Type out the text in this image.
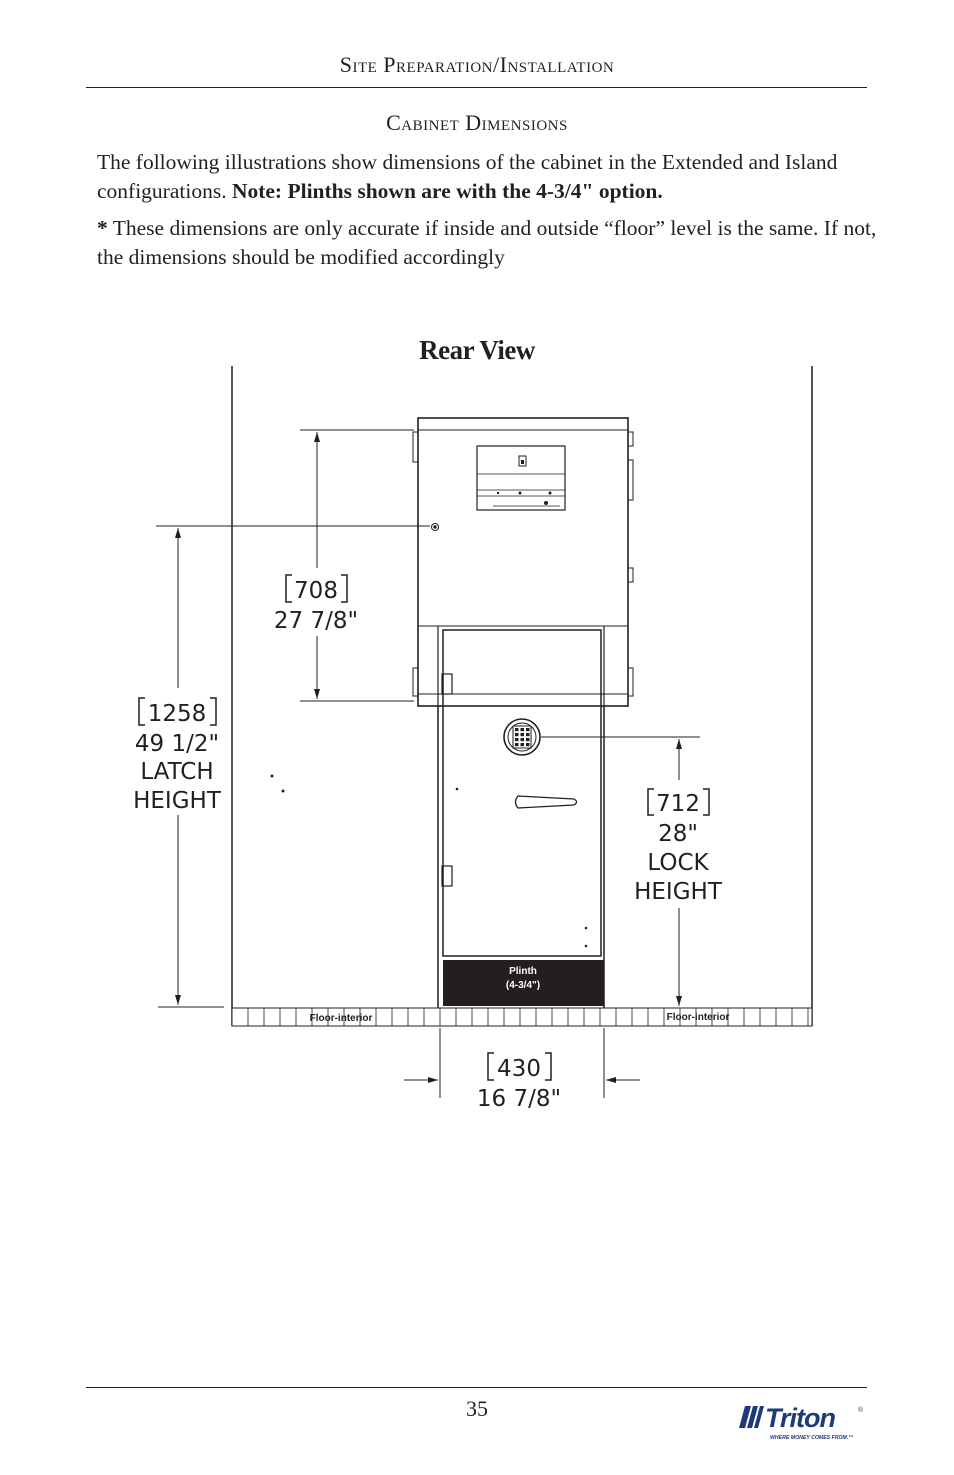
Site Preparation/Installation
Cabinet Dimensions

The following illustrations show dimensions of the cabinet in the Extended and Island configurations. Note: Plinths shown are with the 4-3/4" option.

* These dimensions are only accurate if inside and outside “floor” level is the same. If not, the dimensions should be modified accordingly

Rear View
Floor-interior	Floor-interior
Plinth
(4-3/4")
708
27 7/8"
1258
49 1/2"
LATCH
HEIGHT	712
28"
LOCK
HEIGHT
430
16 7/8"
35	Triton	®
WHERE MONEY COMES FROM.™
